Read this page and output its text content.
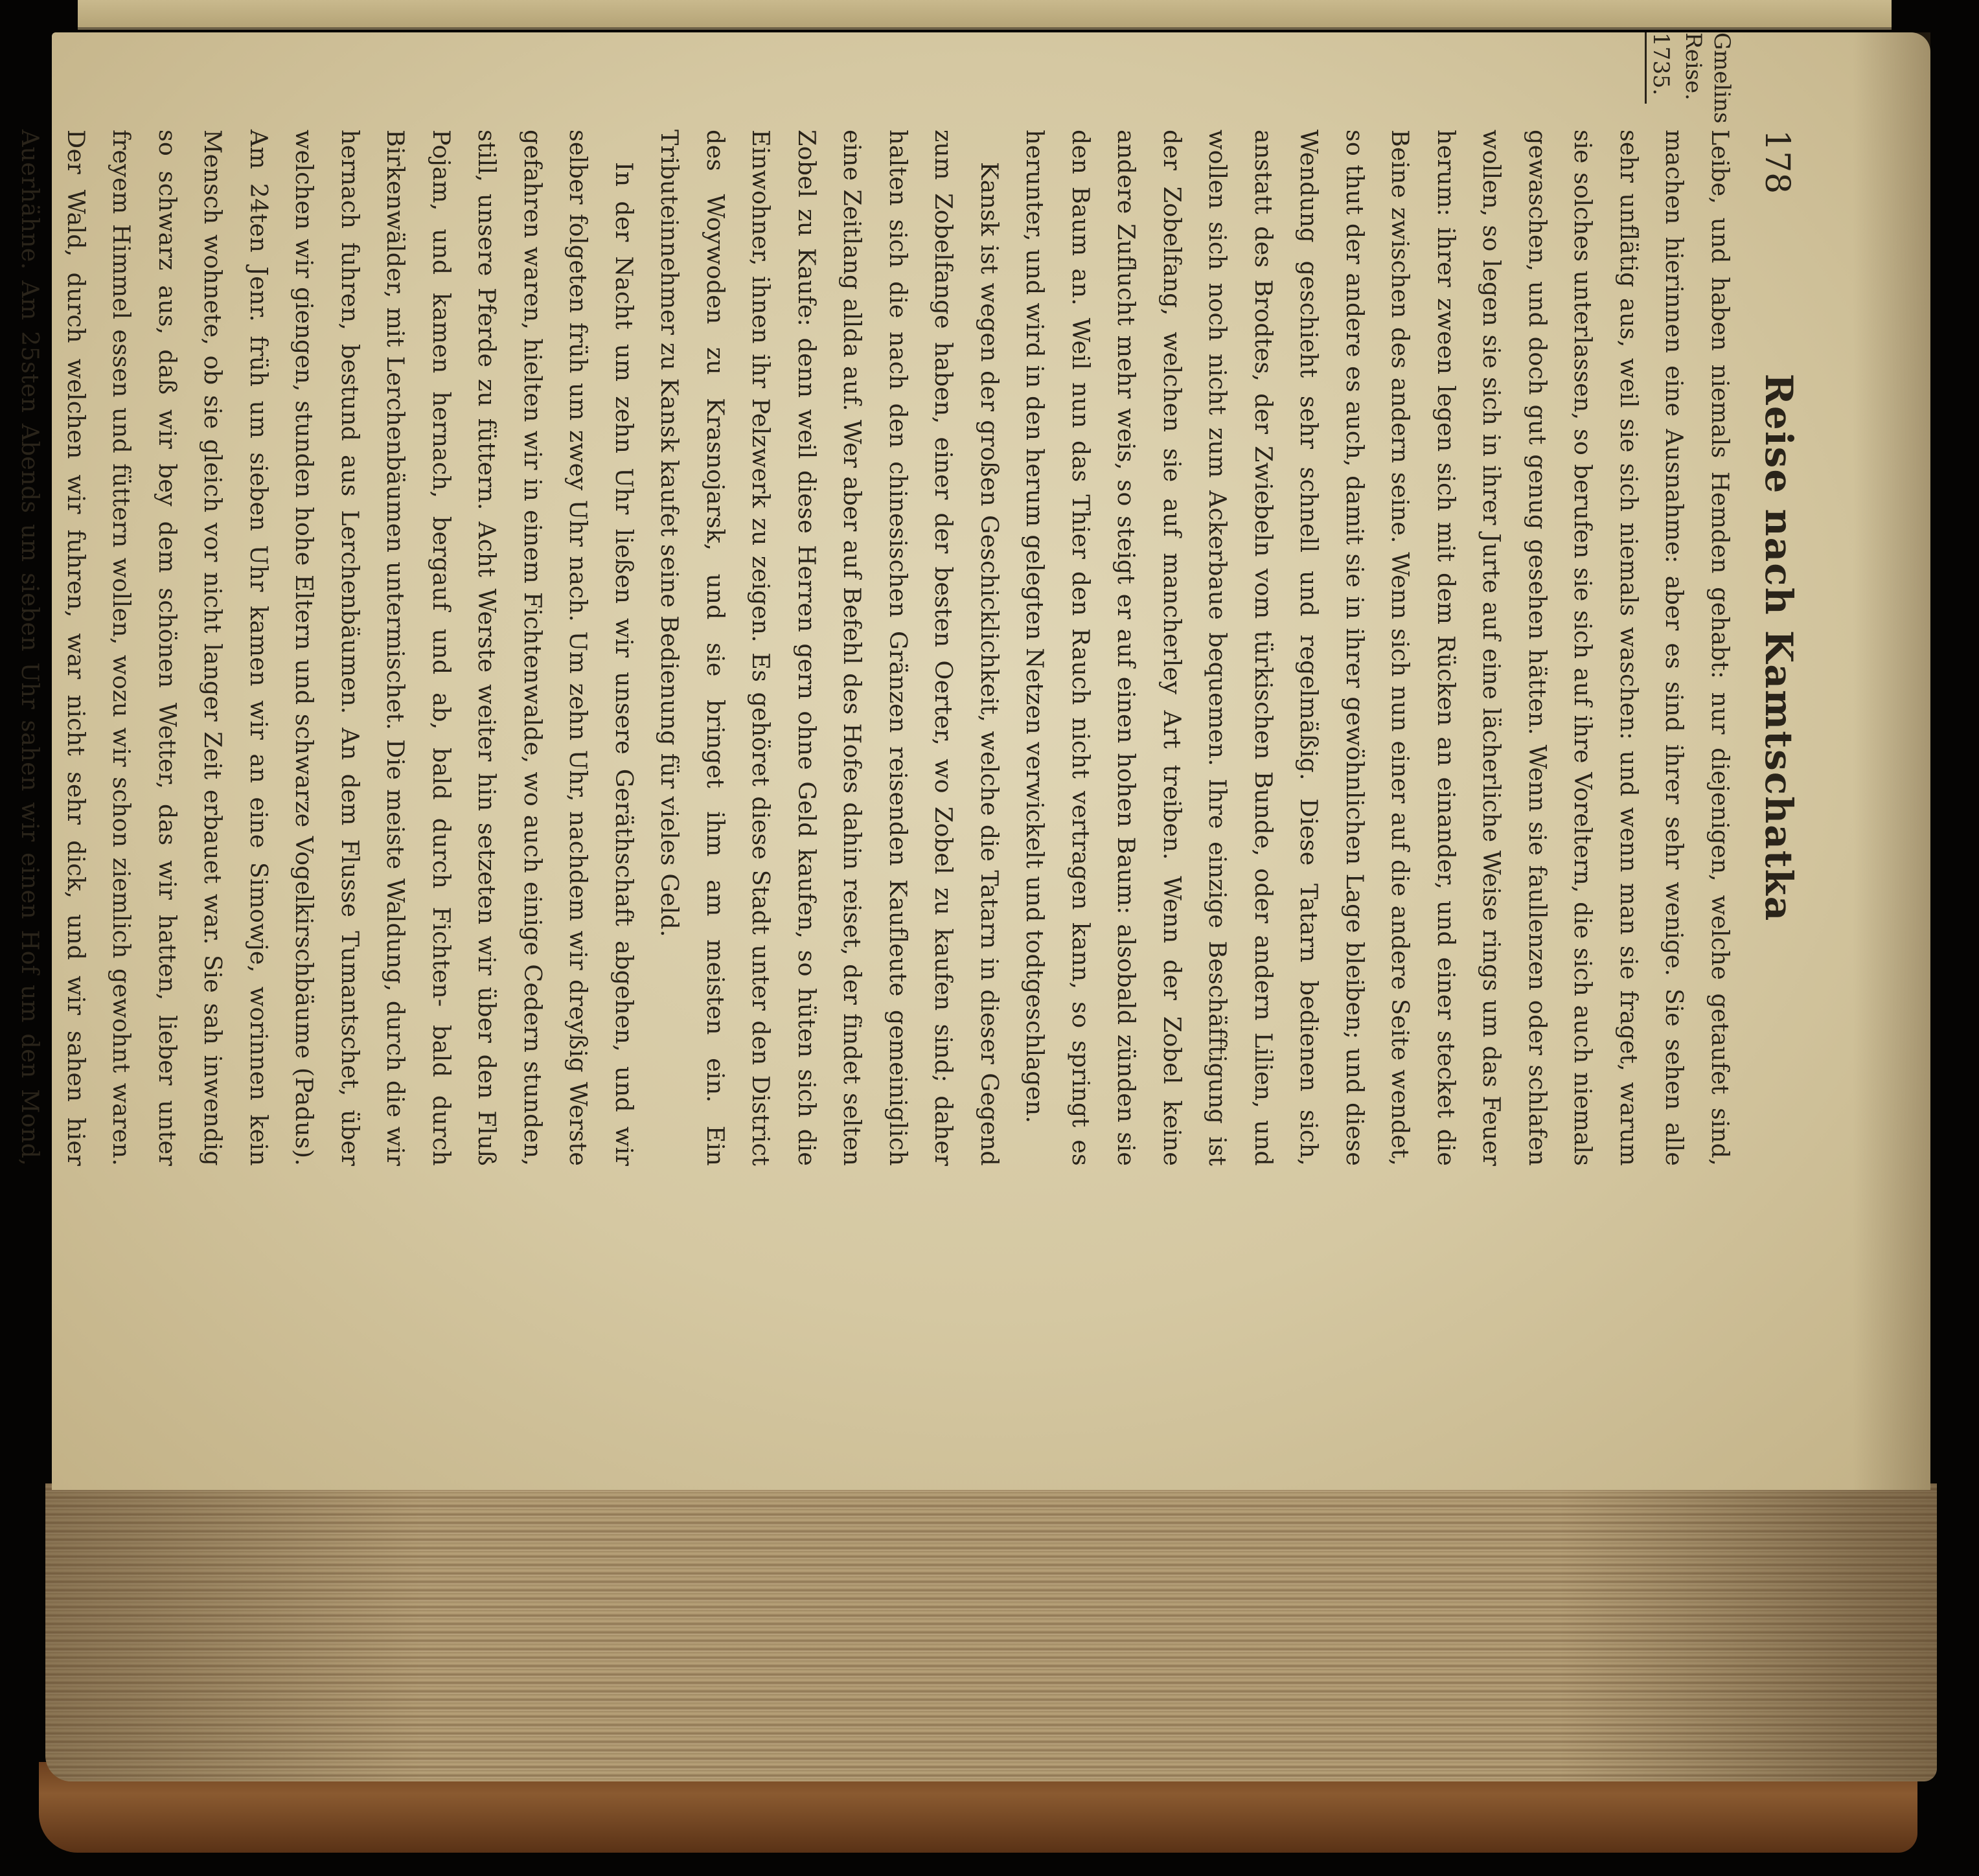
178
Reise nach Kamtschatka
Gmelins Reise.
1735.

Leibe, und haben niemals Hemden gehabt: nur diejenigen, welche getaufet sind, machen hierinnen eine Ausnahme: aber es sind ihrer sehr wenige. Sie sehen alle sehr unflätig aus, weil sie sich niemals waschen: und wenn man sie fraget, warum sie solches unterlassen, so berufen sie sich auf ihre Voreltern, die sich auch niemals gewaschen, und doch gut genug gesehen hätten. Wenn sie faullenzen oder schlafen wollen, so legen sie sich in ihrer Jurte auf eine lächerliche Weise rings um das Feuer herum: ihrer zween legen sich mit dem Rücken an einander, und einer stecket die Beine zwischen des andern seine. Wenn sich nun einer auf die andere Seite wendet, so thut der andere es auch, damit sie in ihrer gewöhnlichen Lage bleiben; und diese Wendung geschieht sehr schnell und regelmäßig. Diese Tatarn bedienen sich, anstatt des Brodtes, der Zwiebeln vom türkischen Bunde, oder andern Lilien, und wollen sich noch nicht zum Ackerbaue bequemen. Ihre einzige Beschäfftigung ist der Zobelfang, welchen sie auf mancherley Art treiben. Wenn der Zobel keine andere Zuflucht mehr weis, so steigt er auf einen hohen Baum: alsobald zünden sie den Baum an. Weil nun das Thier den Rauch nicht vertragen kann, so springt es herunter, und wird in den herum gelegten Netzen verwickelt und todtgeschlagen.

Kansk ist wegen der großen Geschicklichkeit, welche die Tatarn in dieser Gegend zum Zobelfange haben, einer der besten Oerter, wo Zobel zu kaufen sind; daher halten sich die nach den chinesischen Gränzen reisenden Kaufleute gemeiniglich eine Zeitlang allda auf. Wer aber auf Befehl des Hofes dahin reiset, der findet selten Zobel zu Kaufe: denn weil diese Herren gern ohne Geld kaufen, so hüten sich die Einwohner, ihnen ihr Pelzwerk zu zeigen. Es gehöret diese Stadt unter den District des Woywoden zu Krasnojarsk, und sie bringet ihm am meisten ein. Ein Tributeinnehmer zu Kansk kaufet seine Bedienung für vieles Geld.

In der Nacht um zehn Uhr ließen wir unsere Geräthschaft abgehen, und wir selber folgeten früh um zwey Uhr nach. Um zehn Uhr, nachdem wir dreyßig Werste gefahren waren, hielten wir in einem Fichtenwalde, wo auch einige Cedern stunden, still, unsere Pferde zu füttern. Acht Werste weiter hin setzeten wir über den Fluß Pojam, und kamen hernach, bergauf und ab, bald durch Fichten- bald durch Birkenwälder, mit Lerchenbäumen untermischet. Die meiste Waldung, durch die wir hernach fuhren, bestund aus Lerchenbäumen. An dem Flusse Tumantschet, über welchen wir giengen, stunden hohe Eltern und schwarze Vogelkirschbäume (Padus). Am 24ten Jenr. früh um sieben Uhr kamen wir an eine Simowje, worinnen kein Mensch wohnete, ob sie gleich vor nicht langer Zeit erbauet war. Sie sah inwendig so schwarz aus, daß wir bey dem schönen Wetter, das wir hatten, lieber unter freyem Himmel essen und füttern wollen, wozu wir schon ziemlich gewohnt waren. Der Wald, durch welchen wir fuhren, war nicht sehr dick, und wir sahen hier Auerhähne. Am 25sten Abends um sieben Uhr sahen wir einen Hof um den Mond,
